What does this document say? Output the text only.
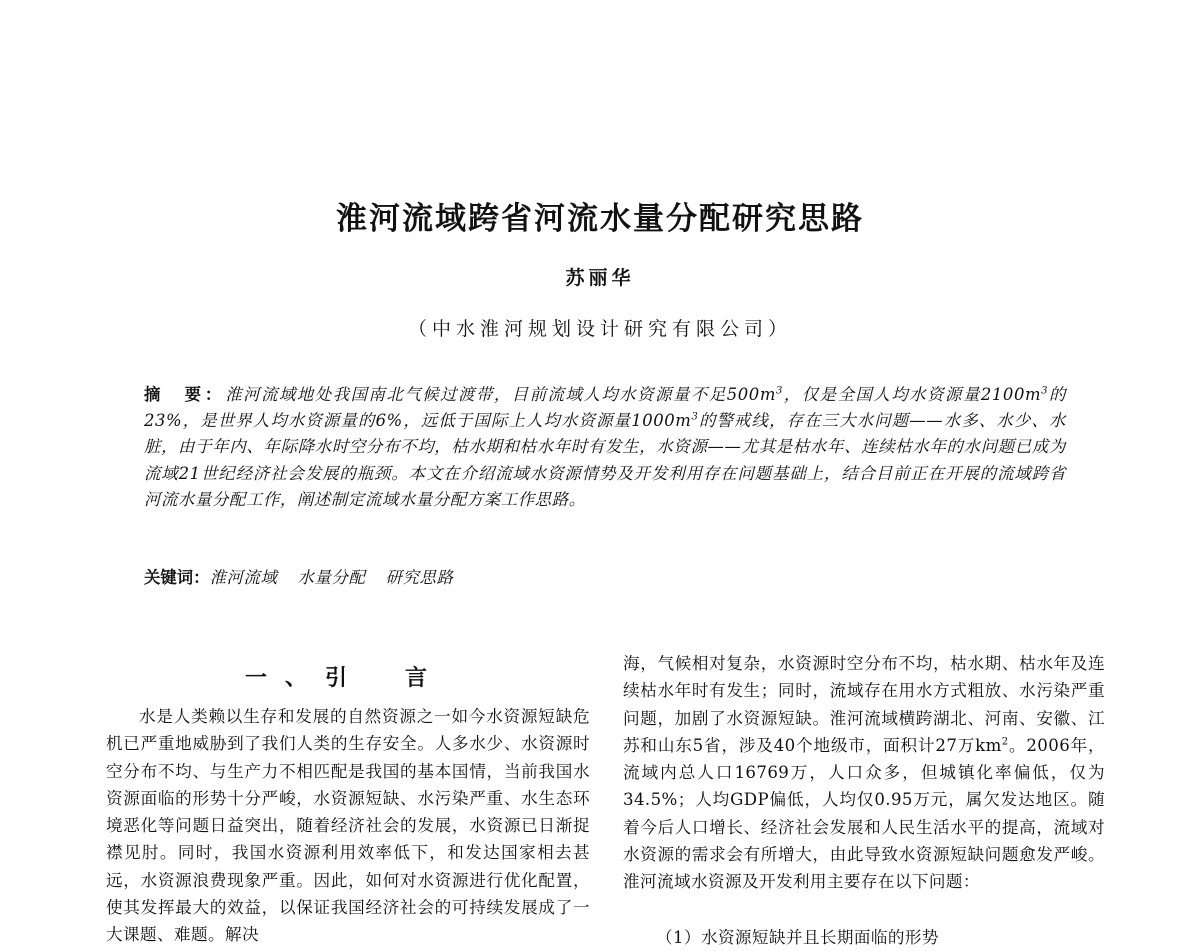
淮河流域跨省河流水量分配研究思路
苏丽华
（中水淮河规划设计研究有限公司）

摘　要：淮河流域地处我国南北气候过渡带，目前流域人均水资源量不足$500m^3$，仅是全国人均水资源量$2100m^3$的23%，是世界人均水资源量的6%，远低于国际上人均水资源量$1000m^3$的警戒线，存在三大水问题——水多、水少、水脏，由于年内、年际降水时空分布不均，枯水期和枯水年时有发生，水资源——尤其是枯水年、连续枯水年的水问题已成为流域21世纪经济社会发展的瓶颈。本文在介绍流域水资源情势及开发利用存在问题基础上，结合目前正在开展的流域跨省河流水量分配工作，阐述制定流域水量分配方案工作思路。

关键词：淮河流域 水量分配 研究思路
一、引　言

水是人类赖以生存和发展的自然资源之一如今水资源短缺危机已严重地威胁到了我们人类的生存安全。人多水少、水资源时空分布不均、与生产力不相匹配是我国的基本国情，当前我国水资源面临的形势十分严峻，水资源短缺、水污染严重、水生态环境恶化等问题日益突出，随着经济社会的发展，水资源已日渐捉襟见肘。同时，我国水资源利用效率低下，和发达国家相去甚远，水资源浪费现象严重。因此，如何对水资源进行优化配置，使其发挥最大的效益，以保证我国经济社会的可持续发展成了一大课题、难题。解决

海，气候相对复杂，水资源时空分布不均，枯水期、枯水年及连续枯水年时有发生；同时，流域存在用水方式粗放、水污染严重问题，加剧了水资源短缺。淮河流域横跨湖北、河南、安徽、江苏和山东5省，涉及40个地级市，面积计27万$km^2$。2006年，流域内总人口16769万，人口众多，但城镇化率偏低，仅为34.5%；人均GDP偏低，人均仅0.95万元，属欠发达地区。随着今后人口增长、经济社会发展和人民生活水平的提高，流域对水资源的需求会有所增大，由此导致水资源短缺问题愈发严峻。淮河流域水资源及开发利用主要存在以下问题：

（1）水资源短缺并且长期面临的形势
